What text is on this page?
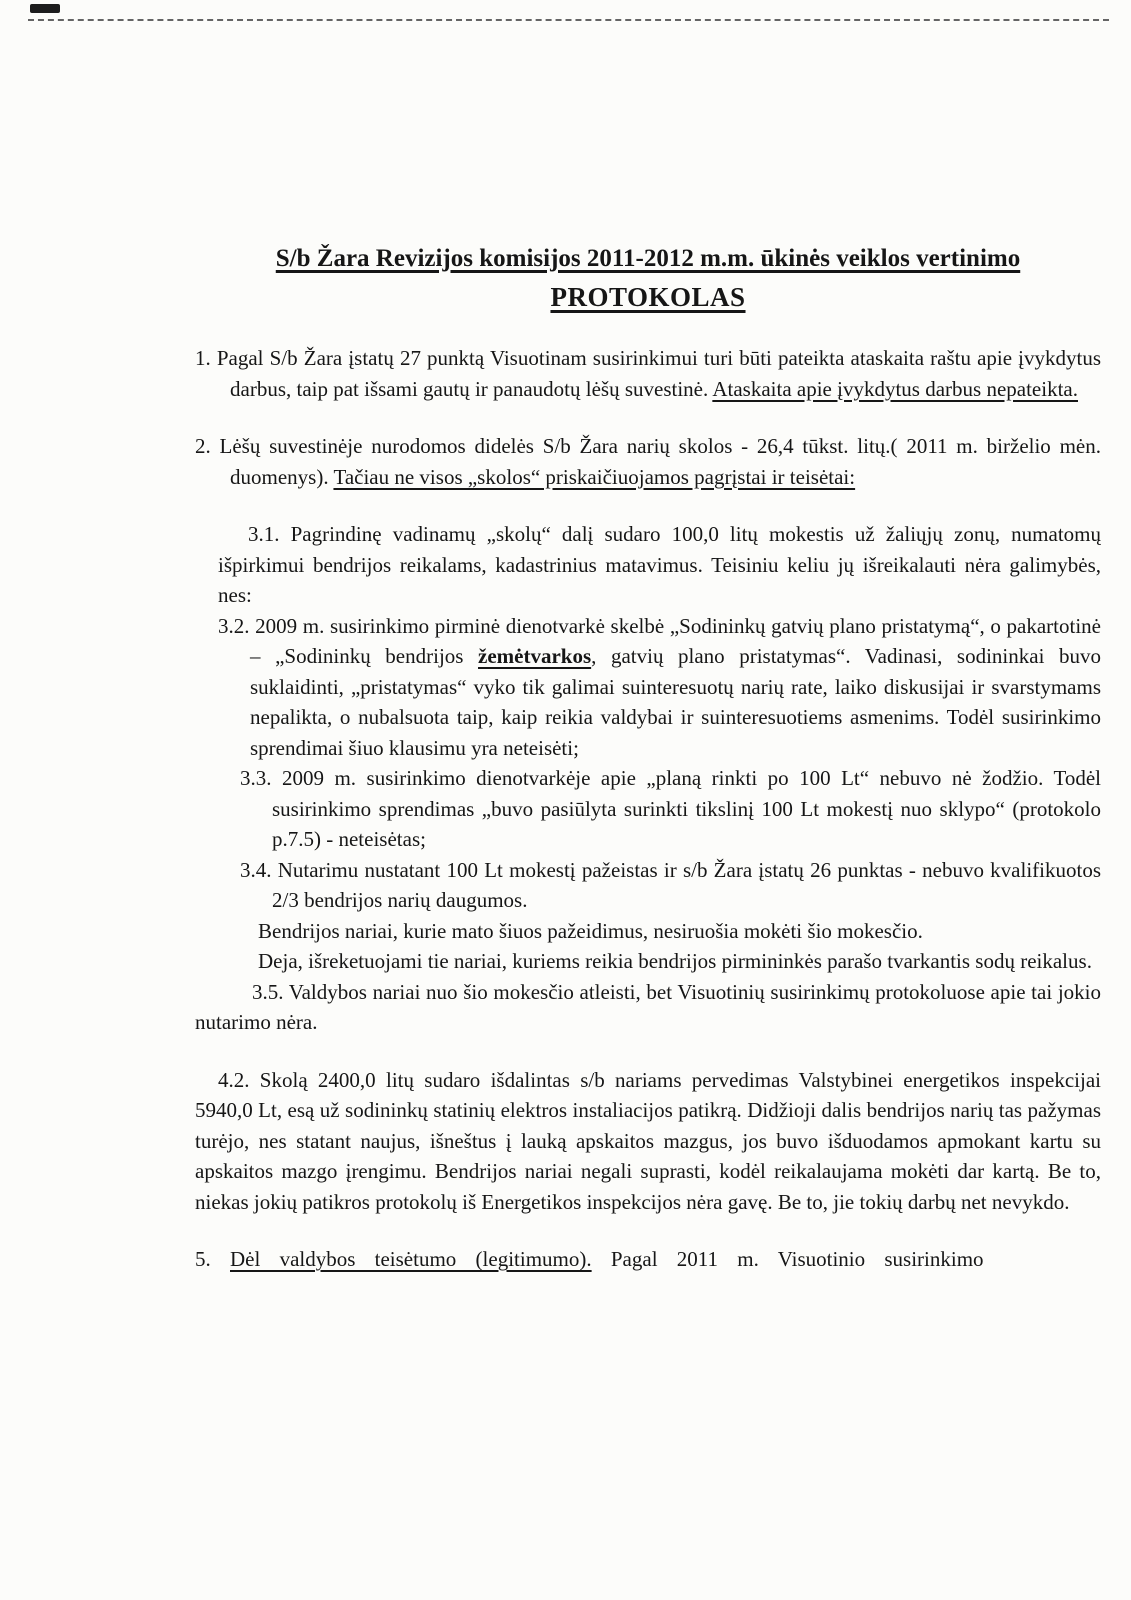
S/b Žara Revizijos komisijos 2011-2012 m.m. ūkinės veiklos vertinimo
PROTOKOLAS
1. Pagal S/b Žara įstatų 27 punktą Visuotinam susirinkimui turi būti pateikta ataskaita raštu apie įvykdytus darbus, taip pat išsami gautų ir panaudotų lėšų suvestinė. Ataskaita apie įvykdytus darbus nepateikta.
2. Lėšų suvestinėje nurodomos didelės S/b Žara narių skolos - 26,4 tūkst. litų.( 2011 m. birželio mėn. duomenys). Tačiau ne visos „skolos“ priskaičiuojamos pagrįstai ir teisėtai:
3.1. Pagrindinę vadinamų „skolų“ dalį sudaro 100,0 litų mokestis už žaliųjų zonų, numatomų išpirkimui bendrijos reikalams, kadastrinius matavimus. Teisiniu keliu jų išreikalauti nėra galimybės, nes:
3.2. 2009 m. susirinkimo pirminė dienotvarkė skelbė „Sodininkų gatvių plano pristatymą“, o pakartotinė – „Sodininkų bendrijos žemėtvarkos, gatvių plano pristatymas“. Vadinasi, sodininkai buvo suklaidinti, „pristatymas“ vyko tik galimai suinteresuotų narių rate, laiko diskusijai ir svarstymams nepalikta, o nubalsuota taip, kaip reikia valdybai ir suinteresuotiems asmenims. Todėl susirinkimo sprendimai šiuo klausimu yra neteisėti;
3.3. 2009 m. susirinkimo dienotvarkėje apie „planą rinkti po 100 Lt“ nebuvo nė žodžio. Todėl susirinkimo sprendimas „buvo pasiūlyta surinkti tikslinį 100 Lt mokestį nuo sklypo“ (protokolo p.7.5) - neteisėtas;
3.4. Nutarimu nustatant 100 Lt mokestį pažeistas ir s/b Žara įstatų 26 punktas - nebuvo kvalifikuotos 2/3 bendrijos narių daugumos.
Bendrijos nariai, kurie mato šiuos pažeidimus, nesiruošia mokėti šio mokesčio.
Deja, išreketuojami tie nariai, kuriems reikia bendrijos pirmininkės parašo tvarkantis sodų reikalus.
3.5. Valdybos nariai nuo šio mokesčio atleisti, bet Visuotinių susirinkimų protokoluose apie tai jokio nutarimo nėra.
4.2. Skolą 2400,0 litų sudaro išdalintas s/b nariams pervedimas Valstybinei energetikos inspekcijai 5940,0 Lt, esą už sodininkų statinių elektros instaliacijos patikrą. Didžioji dalis bendrijos narių tas pažymas turėjo, nes statant naujus, išneštus į lauką apskaitos mazgus, jos buvo išduodamos apmokant kartu su apskaitos mazgo įrengimu. Bendrijos nariai negali suprasti, kodėl reikalaujama mokėti dar kartą. Be to, niekas jokių patikros protokolų iš Energetikos inspekcijos nėra gavę. Be to, jie tokių darbų net nevykdo.
5. Dėl valdybos teisėtumo (legitimumo). Pagal 2011 m. Visuotinio susirinkimo
